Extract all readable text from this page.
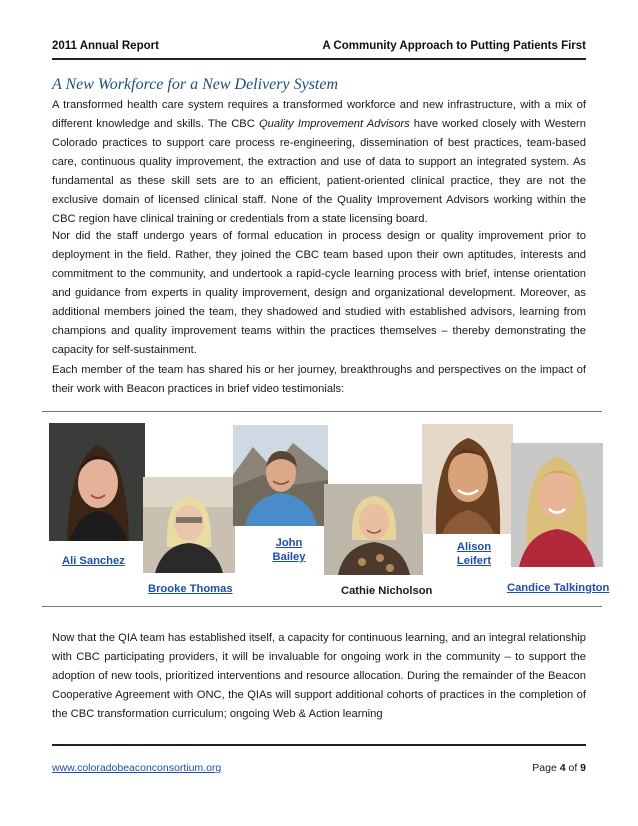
2011 Annual Report	A Community Approach to Putting Patients First
A New Workforce for a New Delivery System

A transformed health care system requires a transformed workforce and new infrastructure, with a mix of different knowledge and skills. The CBC Quality Improvement Advisors have worked closely with Western Colorado practices to support care process re-engineering, dissemination of best practices, team-based care, continuous quality improvement, the extraction and use of data to support an integrated system. As fundamental as these skill sets are to an efficient, patient-oriented clinical practice, they are not the exclusive domain of licensed clinical staff. None of the Quality Improvement Advisors working within the CBC region have clinical training or credentials from a state licensing board.

Nor did the staff undergo years of formal education in process design or quality improvement prior to deployment in the field. Rather, they joined the CBC team based upon their own aptitudes, interests and commitment to the community, and undertook a rapid-cycle learning process with brief, intense orientation and guidance from experts in quality improvement, design and organizational development. Moreover, as additional members joined the team, they shadowed and studied with established advisors, learning from champions and quality improvement teams within the practices themselves – thereby demonstrating the capacity for self-sustainment.

Each member of the team has shared his or her journey, breakthroughs and perspectives on the impact of their work with Beacon practices in brief video testimonials:

Ali Sanchez
Brooke Thomas
John Bailey
Cathie Nicholson
Alison Leifert
Candice Talkington

Now that the QIA team has established itself, a capacity for continuous learning, and an integral relationship with CBC participating providers, it will be invaluable for ongoing work in the community – to support the adoption of new tools, prioritized interventions and resource allocation. During the remainder of the Beacon Cooperative Agreement with ONC, the QIAs will support additional cohorts of practices in the completion of the CBC transformation curriculum; ongoing Web & Action learning

www.coloradobeaconconsortium.org	Page 4 of 9
